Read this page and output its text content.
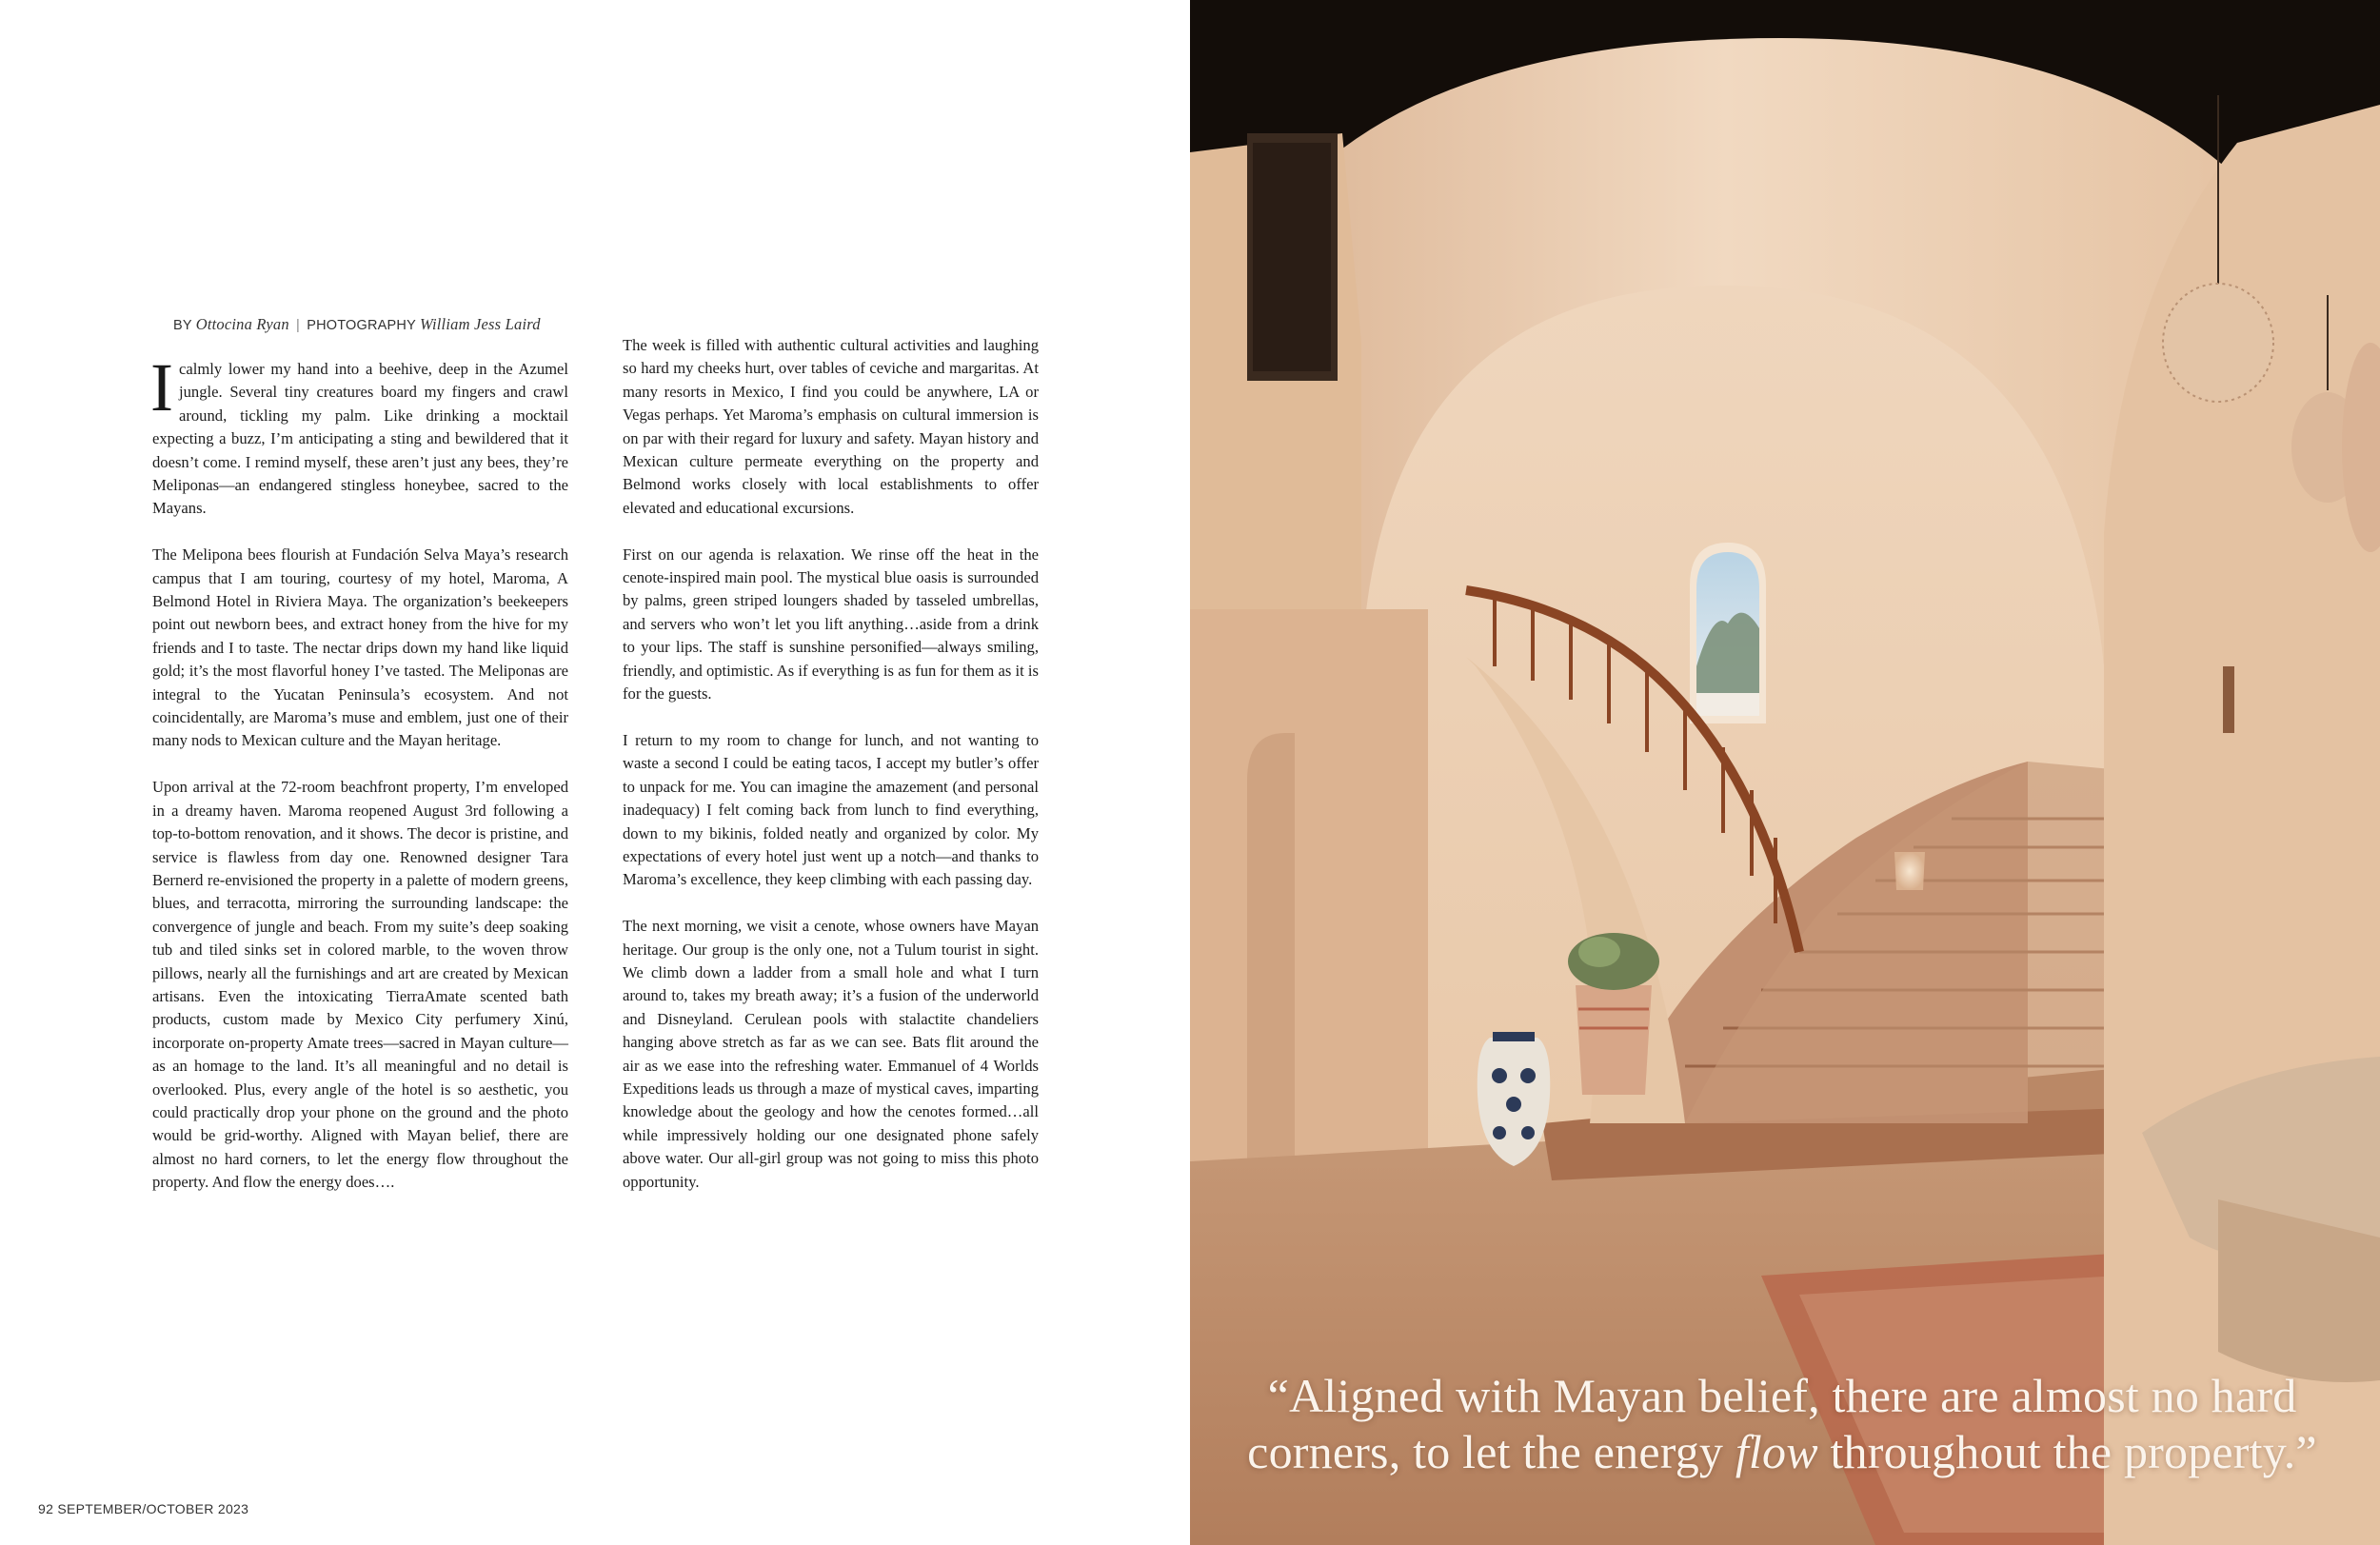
BY Ottocina Ryan | PHOTOGRAPHY William Jess Laird

I calmly lower my hand into a beehive, deep in the Azumel jungle. Several tiny creatures board my fingers and crawl around, tickling my palm. Like drinking a mocktail expecting a buzz, I’m anticipating a sting and bewildered that it doesn’t come. I remind myself, these aren’t just any bees, they’re Meliponas—an endangered stingless honeybee, sacred to the Mayans.

The Melipona bees flourish at Fundación Selva Maya’s research campus that I am touring, courtesy of my hotel, Maroma, A Belmond Hotel in Riviera Maya. The organization’s beekeepers point out newborn bees, and extract honey from the hive for my friends and I to taste. The nectar drips down my hand like liquid gold; it’s the most flavorful honey I’ve tasted. The Meliponas are integral to the Yucatan Peninsula’s ecosystem. And not coincidentally, are Maroma’s muse and emblem, just one of their many nods to Mexican culture and the Mayan heritage.

Upon arrival at the 72-room beachfront property, I’m enveloped in a dreamy haven. Maroma reopened August 3rd following a top-to-bottom renovation, and it shows. The decor is pristine, and service is flawless from day one. Renowned designer Tara Bernerd re-envisioned the property in a palette of modern greens, blues, and terracotta, mirroring the surrounding landscape: the convergence of jungle and beach. From my suite’s deep soaking tub and tiled sinks set in colored marble, to the woven throw pillows, nearly all the furnishings and art are created by Mexican artisans. Even the intoxicating TierraAmate scented bath products, custom made by Mexico City perfumery Xinú, incorporate on-property Amate trees—sacred in Mayan culture—as an homage to the land. It’s all meaningful and no detail is overlooked. Plus, every angle of the hotel is so aesthetic, you could practically drop your phone on the ground and the photo would be grid-worthy. Aligned with Mayan belief, there are almost no hard corners, to let the energy flow throughout the property. And flow the energy does….

The week is filled with authentic cultural activities and laughing so hard my cheeks hurt, over tables of ceviche and margaritas. At many resorts in Mexico, I find you could be anywhere, LA or Vegas perhaps. Yet Maroma’s emphasis on cultural immersion is on par with their regard for luxury and safety. Mayan history and Mexican culture permeate everything on the property and Belmond works closely with local establishments to offer elevated and educational excursions.

First on our agenda is relaxation. We rinse off the heat in the cenote-inspired main pool. The mystical blue oasis is surrounded by palms, green striped loungers shaded by tasseled umbrellas, and servers who won’t let you lift anything…aside from a drink to your lips. The staff is sunshine personified—always smiling, friendly, and optimistic. As if everything is as fun for them as it is for the guests.

I return to my room to change for lunch, and not wanting to waste a second I could be eating tacos, I accept my butler’s offer to unpack for me. You can imagine the amazement (and personal inadequacy) I felt coming back from lunch to find everything, down to my bikinis, folded neatly and organized by color. My expectations of every hotel just went up a notch—and thanks to Maroma’s excellence, they keep climbing with each passing day.

The next morning, we visit a cenote, whose owners have Mayan heritage. Our group is the only one, not a Tulum tourist in sight. We climb down a ladder from a small hole and what I turn around to, takes my breath away; it’s a fusion of the underworld and Disneyland. Cerulean pools with stalactite chandeliers hanging above stretch as far as we can see. Bats flit around the air as we ease into the refreshing water. Emmanuel of 4 Worlds Expeditions leads us through a maze of mystical caves, imparting knowledge about the geology and how the cenotes formed…all while impressively holding our one designated phone safely above water. Our all-girl group was not going to miss this photo opportunity.

92 SEPTEMBER/OCTOBER 2023
“Aligned with Mayan belief, there are almost no hard corners, to let the energy flow throughout the property.”
